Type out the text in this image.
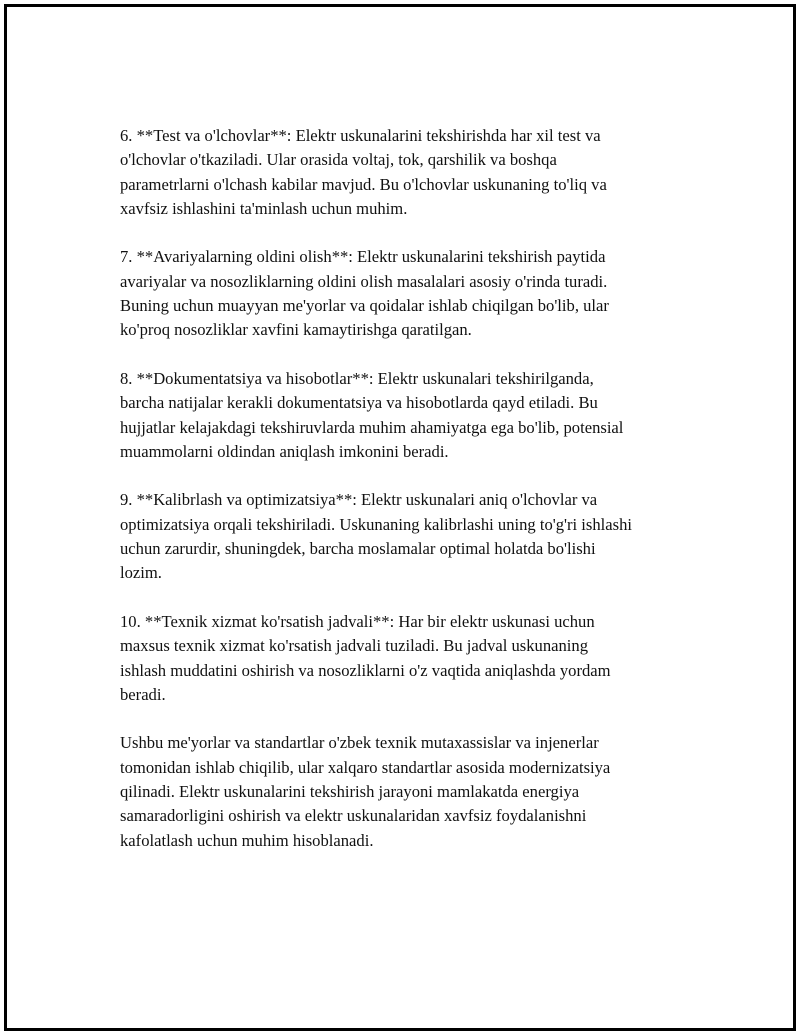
6. **Test va o'lchovlar**: Elektr uskunalarini tekshirishda har xil test va
o'lchovlar o'tkaziladi. Ular orasida voltaj, tok, qarshilik va boshqa
parametrlarni o'lchash kabilar mavjud. Bu o'lchovlar uskunaning to'liq va
xavfsiz ishlashini ta'minlash uchun muhim.

7. **Avariyalarning oldini olish**: Elektr uskunalarini tekshirish paytida
avariyalar va nosozliklarning oldini olish masalalari asosiy o'rinda turadi.
Buning uchun muayyan me'yorlar va qoidalar ishlab chiqilgan bo'lib, ular
ko'proq nosozliklar xavfini kamaytirishga qaratilgan.

8. **Dokumentatsiya va hisobotlar**: Elektr uskunalari tekshirilganda,
barcha natijalar kerakli dokumentatsiya va hisobotlarda qayd etiladi. Bu
hujjatlar kelajakdagi tekshiruvlarda muhim ahamiyatga ega bo'lib, potensial
muammolarni oldindan aniqlash imkonini beradi.

9. **Kalibrlash va optimizatsiya**: Elektr uskunalari aniq o'lchovlar va
optimizatsiya orqali tekshiriladi. Uskunaning kalibrlashi uning to'g'ri ishlashi
uchun zarurdir, shuningdek, barcha moslamalar optimal holatda bo'lishi
lozim.

10. **Texnik xizmat ko'rsatish jadvali**: Har bir elektr uskunasi uchun
maxsus texnik xizmat ko'rsatish jadvali tuziladi. Bu jadval uskunaning
ishlash muddatini oshirish va nosozliklarni o'z vaqtida aniqlashda yordam
beradi.

Ushbu me'yorlar va standartlar o'zbek texnik mutaxassislar va injenerlar
tomonidan ishlab chiqilib, ular xalqaro standartlar asosida modernizatsiya
qilinadi. Elektr uskunalarini tekshirish jarayoni mamlakatda energiya
samaradorligini oshirish va elektr uskunalaridan xavfsiz foydalanishni
kafolatlash uchun muhim hisoblanadi.
